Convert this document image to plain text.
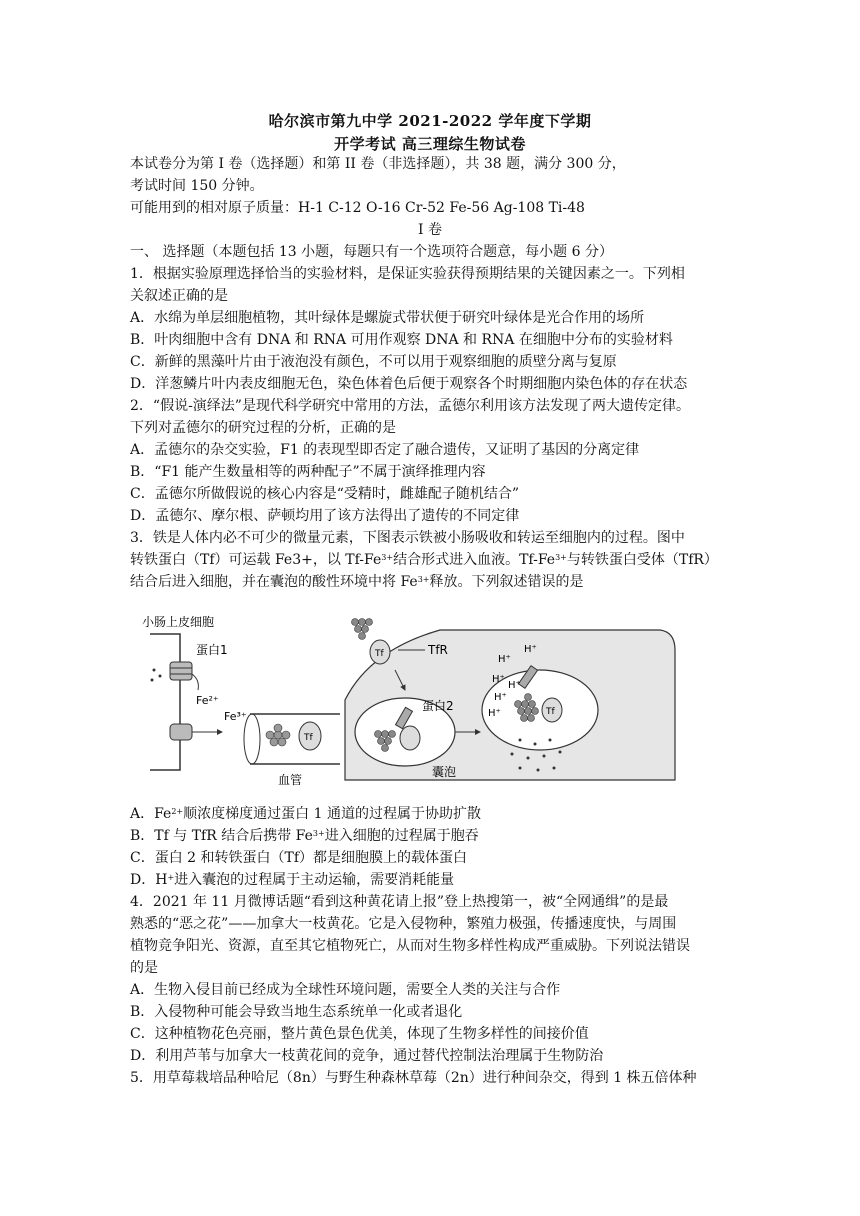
哈尔滨市第九中学 2021-2022 学年度下学期
开学考试 高三理综生物试卷
本试卷分为第 I 卷（选择题）和第 II 卷（非选择题），共 38 题，满分 300 分，
考试时间 150 分钟。
可能用到的相对原子质量：H-1 C-12 O-16 Cr-52 Fe-56 Ag-108 Ti-48
I 卷
一、 选择题（本题包括 13 小题，每题只有一个选项符合题意，每小题 6 分）
1．根据实验原理选择恰当的实验材料，是保证实验获得预期结果的关键因素之一。下列相
关叙述正确的是
A．水绵为单层细胞植物，其叶绿体是螺旋式带状便于研究叶绿体是光合作用的场所
B．叶肉细胞中含有 DNA 和 RNA 可用作观察 DNA 和 RNA 在细胞中分布的实验材料
C．新鲜的黑藻叶片由于液泡没有颜色，不可以用于观察细胞的质壁分离与复原
D．洋葱鳞片叶内表皮细胞无色，染色体着色后便于观察各个时期细胞内染色体的存在状态
2．“假说-演绎法”是现代科学研究中常用的方法，孟德尔利用该方法发现了两大遗传定律。
下列对孟德尔的研究过程的分析，正确的是
A．孟德尔的杂交实验，F1 的表现型即否定了融合遗传，又证明了基因的分离定律
B．“F1 能产生数量相等的两种配子”不属于演绎推理内容
C．孟德尔所做假说的核心内容是“受精时，雌雄配子随机结合”
D．孟德尔、摩尔根、萨顿均用了该方法得出了遗传的不同定律
3．铁是人体内必不可少的微量元素，下图表示铁被小肠吸收和转运至细胞内的过程。图中
转铁蛋白（Tf）可运载 Fe3+，以 $Tf-Fe^{3+}$结合形式进入血液。$Tf-Fe^{3+}$与转铁蛋白受体（TfR）
结合后进入细胞，并在囊泡的酸性环境中将 $Fe^{3+}$释放。下列叙述错误的是
小肠上皮细胞
蛋白1
Fe²⁺
Fe³⁺
Tf
血管
Tf	TfR
蛋白2	Tf
H⁺
H⁺
H⁺
H⁺
H⁺
H⁺
囊泡
A．$Fe^{2+}$顺浓度梯度通过蛋白 1 通道的过程属于协助扩散
B．Tf 与 TfR 结合后携带 $Fe^{3+}$进入细胞的过程属于胞吞
C．蛋白 2 和转铁蛋白（Tf）都是细胞膜上的载体蛋白
D．H+进入囊泡的过程属于主动运输，需要消耗能量
4．2021 年 11 月微博话题“看到这种黄花请上报”登上热搜第一，被“全网通缉”的是最
熟悉的“恶之花”——加拿大一枝黄花。它是入侵物种，繁殖力极强，传播速度快，与周围
植物竞争阳光、资源，直至其它植物死亡，从而对生物多样性构成严重威胁。下列说法错误
的是
A．生物入侵目前已经成为全球性环境问题，需要全人类的关注与合作
B．入侵物种可能会导致当地生态系统单一化或者退化
C．这种植物花色亮丽，整片黄色景色优美，体现了生物多样性的间接价值
D．利用芦苇与加拿大一枝黄花间的竞争，通过替代控制法治理属于生物防治
5．用草莓栽培品种哈尼（8n）与野生种森林草莓（2n）进行种间杂交，得到 1 株五倍体种
